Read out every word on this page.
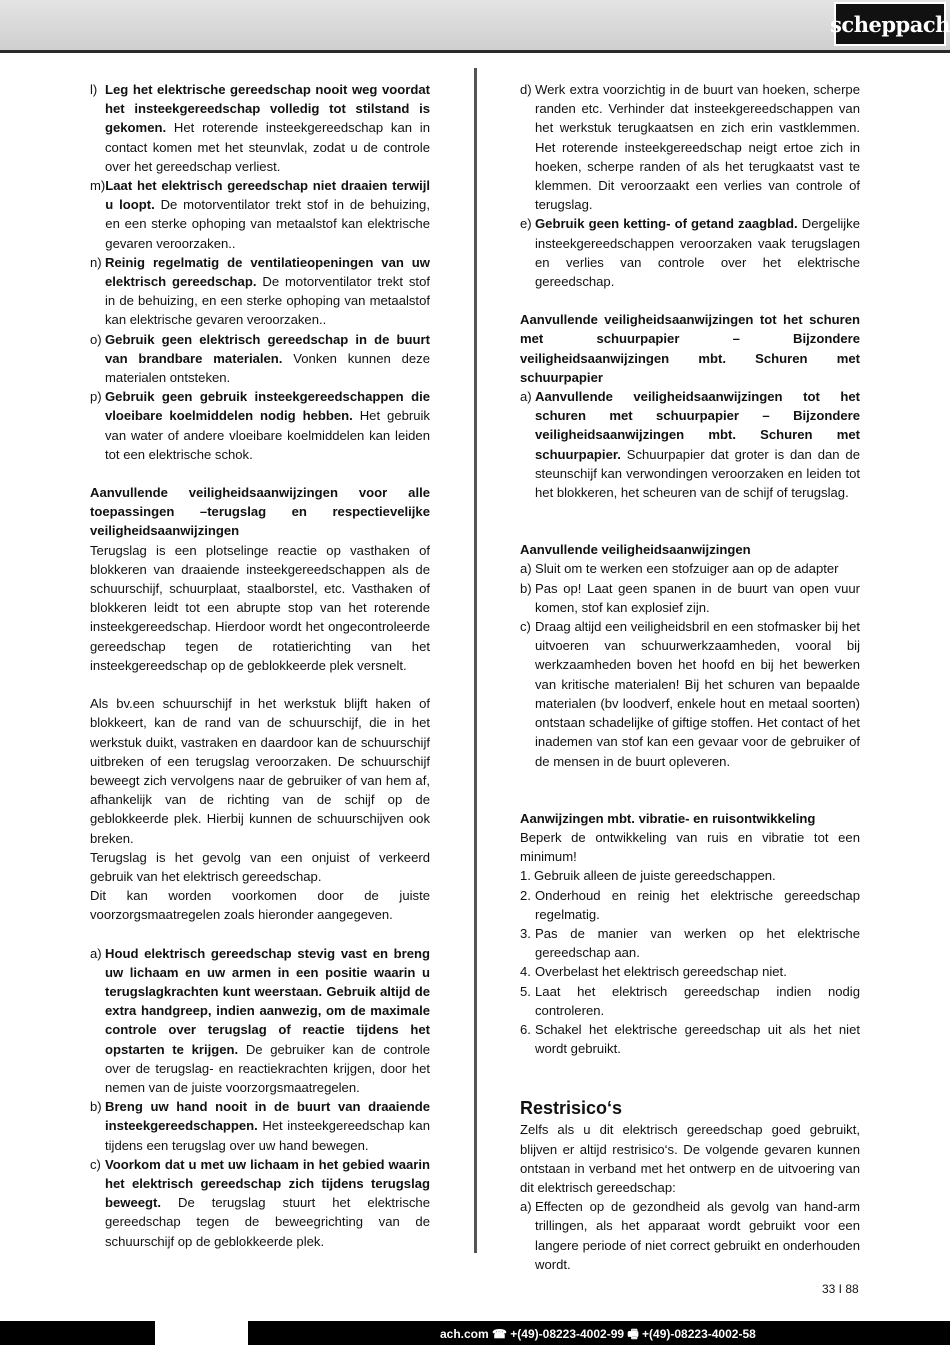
scheppach
l) Leg het elektrische gereedschap nooit weg voordat het insteekgereedschap volledig tot stilstand is gekomen. Het roterende insteekgereedschap kan in contact komen met het steunvlak, zodat u de controle over het gereedschap verliest.
m) Laat het elektrisch gereedschap niet draaien terwijl u loopt. De motorventilator trekt stof in de behuizing, en een sterke ophoping van metaalstof kan elektrische gevaren veroorzaken..
n) Reinig regelmatig de ventilatieopeningen van uw elektrisch gereedschap. De motorventilator trekt stof in de behuizing, en een sterke ophoping van metaalstof kan elektrische gevaren veroorzaken..
o) Gebruik geen elektrisch gereedschap in de buurt van brandbare materialen. Vonken kunnen deze materialen ontsteken.
p) Gebruik geen gebruik insteekgereedschappen die vloeibare koelmiddelen nodig hebben. Het gebruik van water of andere vloeibare koelmiddelen kan leiden tot een elektrische schok.
Aanvullende veiligheidsaanwijzingen voor alle toepassingen –terugslag en respectievelijke veiligheidsaanwijzingen
Terugslag is een plotselinge reactie op vasthaken of blokkeren van draaiende insteekgereedschappen als de schuurschijf, schuurplaat, staalborstel, etc. Vasthaken of blokkeren leidt tot een abrupte stop van het roterende insteekgereedschap. Hierdoor wordt het ongecontroleerde gereedschap tegen de rotatierichting van het insteekgereedschap op de geblokkeerde plek versnelt.
Als bv.een schuurschijf in het werkstuk blijft haken of blokkeert, kan de rand van de schuurschijf, die in het werkstuk duikt, vastraken en daardoor kan de schuurschijf uitbreken of een terugslag veroorzaken. De schuurschijf beweegt zich vervolgens naar de gebruiker of van hem af, afhankelijk van de richting van de schijf op de geblokkeerde plek. Hierbij kunnen de schuurschijven ook breken.
Terugslag is het gevolg van een onjuist of verkeerd gebruik van het elektrisch gereedschap.
Dit kan worden voorkomen door de juiste voorzorgsmaatregelen zoals hieronder aangegeven.
a) Houd elektrisch gereedschap stevig vast en breng uw lichaam en uw armen in een positie waarin u terugslagkrachten kunt weerstaan. Gebruik altijd de extra handgreep, indien aanwezig, om de maximale controle over terugslag of reactie tijdens het opstarten te krijgen. De gebruiker kan de controle over de terugslag- en reactiekrachten krijgen, door het nemen van de juiste voorzorgsmaatregelen.
b) Breng uw hand nooit in de buurt van draaiende insteekgereedschappen. Het insteekgereedschap kan tijdens een terugslag over uw hand bewegen.
c) Voorkom dat u met uw lichaam in het gebied waarin het elektrisch gereedschap zich tijdens terugslag beweegt. De terugslag stuurt het elektrische gereedschap tegen de beweegrichting van de schuurschijf op de geblokkeerde plek.
d) Werk extra voorzichtig in de buurt van hoeken, scherpe randen etc. Verhinder dat insteekgereedschappen van het werkstuk terugkaatsen en zich erin vastklemmen. Het roterende insteekgereedschap neigt ertoe zich in hoeken, scherpe randen of als het terugkaatst vast te klemmen. Dit veroorzaakt een verlies van controle of terugslag.
e) Gebruik geen ketting- of getand zaagblad. Dergelijke insteekgereedschappen veroorzaken vaak terugslagen en verlies van controle over het elektrische gereedschap.
Aanvullende veiligheidsaanwijzingen tot het schuren met schuurpapier – Bijzondere veiligheidsaanwijzingen mbt. Schuren met schuurpapier
a) Aanvullende veiligheidsaanwijzingen tot het schuren met schuurpapier – Bijzondere veiligheidsaanwijzingen mbt. Schuren met schuurpapier. Schuurpapier dat groter is dan dan de steunschijf kan verwondingen veroorzaken en leiden tot het blokkeren, het scheuren van de schijf of terugslag.
Aanvullende veiligheidsaanwijzingen
a) Sluit om te werken een stofzuiger aan op de adapter
b) Pas op! Laat geen spanen in de buurt van open vuur komen, stof kan explosief zijn.
c) Draag altijd een veiligheidsbril en een stofmasker bij het uitvoeren van schuurwerkzaamheden, vooral bij werkzaamheden boven het hoofd en bij het bewerken van kritische materialen! Bij het schuren van bepaalde materialen (bv loodverf, enkele hout en metaal soorten) ontstaan schadelijke of giftige stoffen. Het contact of het inademen van stof kan een gevaar voor de gebruiker of de mensen in de buurt opleveren.
Aanwijzingen mbt. vibratie- en ruisontwikkeling
Beperk de ontwikkeling van ruis en vibratie tot een minimum!
1. Gebruik alleen de juiste gereedschappen.
2. Onderhoud en reinig het elektrische gereedschap regelmatig.
3. Pas de manier van werken op het elektrische gereedschap aan.
4. Overbelast het elektrisch gereedschap niet.
5. Laat het elektrisch gereedschap indien nodig controleren.
6. Schakel het elektrische gereedschap uit als het niet wordt gebruikt.
Restrisico‘s
Zelfs als u dit elektrisch gereedschap goed gebruikt, blijven er altijd restrisico‘s. De volgende gevaren kunnen ontstaan in verband met het ontwerp en de uitvoering van dit elektrisch gereedschap:
a) Effecten op de gezondheid als gevolg van hand-arm trillingen, als het apparaat wordt gebruikt voor een langere periode of niet correct gebruikt en onderhouden wordt.
33 I 88
ach.com ☎ +(49)-08223-4002-99 🖷 +(49)-08223-4002-58
